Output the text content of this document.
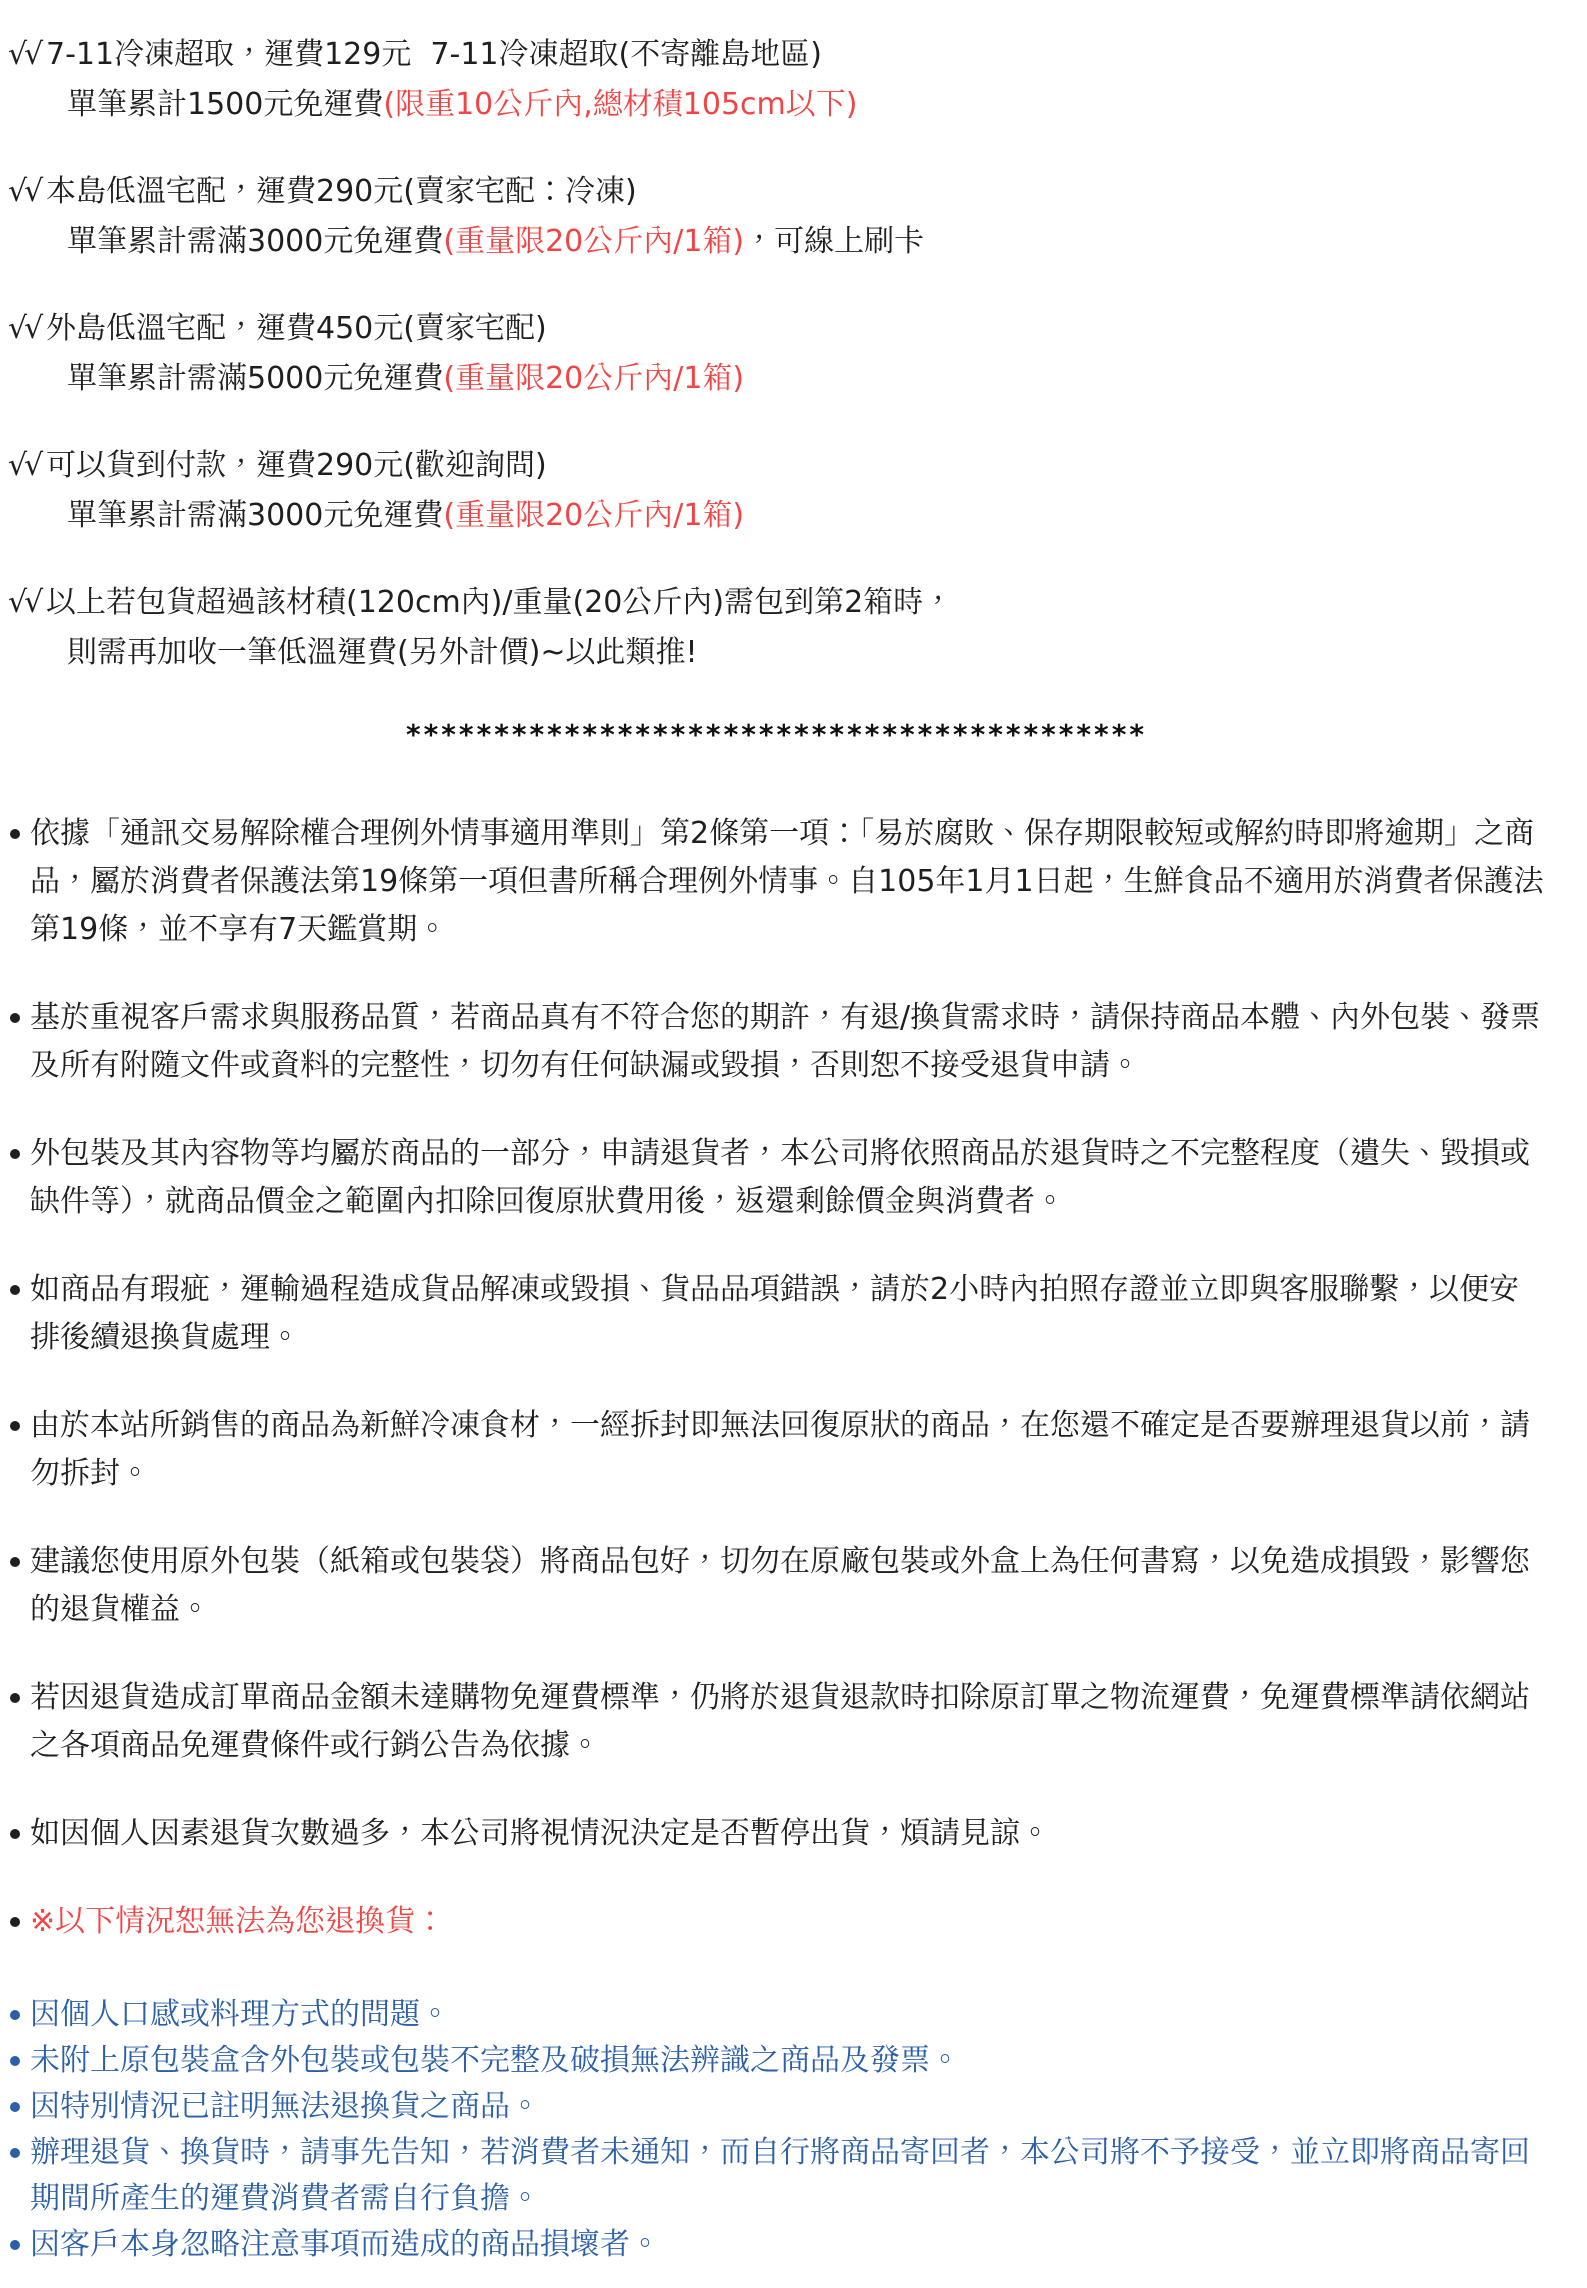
√√ 7-11冷凍超取，運費129元  7-11冷凍超取(不寄離島地區)
單筆累計1500元免運費(限重10公斤內,總材積105cm以下)
√√ 本島低溫宅配，運費290元(賣家宅配：冷凍)
單筆累計需滿3000元免運費(重量限20公斤內/1箱)，可線上刷卡
√√ 外島低溫宅配，運費450元(賣家宅配)
單筆累計需滿5000元免運費(重量限20公斤內/1箱)
√√ 可以貨到付款，運費290元(歡迎詢問)
單筆累計需滿3000元免運費(重量限20公斤內/1箱)
√√ 以上若包貨超過該材積(120cm內)/重量(20公斤內)需包到第2箱時，
則需再加收一筆低溫運費(另外計價)~以此類推!
******************************************
依據「通訊交易解除權合理例外情事適用準則」第2條第一項：「易於腐敗、保存期限較短或解約時即將逾期」之商品，屬於消費者保護法第19條第一項但書所稱合理例外情事。自105年1月1日起，生鮮食品不適用於消費者保護法第19條，並不享有7天鑑賞期。
基於重視客戶需求與服務品質，若商品真有不符合您的期許，有退/換貨需求時，請保持商品本體、內外包裝、發票及所有附隨文件或資料的完整性，切勿有任何缺漏或毀損，否則恕不接受退貨申請。
外包裝及其內容物等均屬於商品的一部分，申請退貨者，本公司將依照商品於退貨時之不完整程度（遺失、毀損或缺件等），就商品價金之範圍內扣除回復原狀費用後，返還剩餘價金與消費者。
如商品有瑕疵，運輸過程造成貨品解凍或毀損、貨品品項錯誤，請於2小時內拍照存證並立即與客服聯繫，以便安排後續退換貨處理。
由於本站所銷售的商品為新鮮冷凍食材，一經拆封即無法回復原狀的商品，在您還不確定是否要辦理退貨以前，請勿拆封。
建議您使用原外包裝（紙箱或包裝袋）將商品包好，切勿在原廠包裝或外盒上為任何書寫，以免造成損毀，影響您的退貨權益。
若因退貨造成訂單商品金額未達購物免運費標準，仍將於退貨退款時扣除原訂單之物流運費，免運費標準請依網站之各項商品免運費條件或行銷公告為依據。
如因個人因素退貨次數過多，本公司將視情況決定是否暫停出貨，煩請見諒。
※以下情況恕無法為您退換貨：
因個人口感或料理方式的問題。
未附上原包裝盒含外包裝或包裝不完整及破損無法辨識之商品及發票。
因特別情況已註明無法退換貨之商品。
辦理退貨、換貨時，請事先告知，若消費者未通知，而自行將商品寄回者，本公司將不予接受，並立即將商品寄回期間所產生的運費消費者需自行負擔。
因客戶本身忽略注意事項而造成的商品損壞者。
